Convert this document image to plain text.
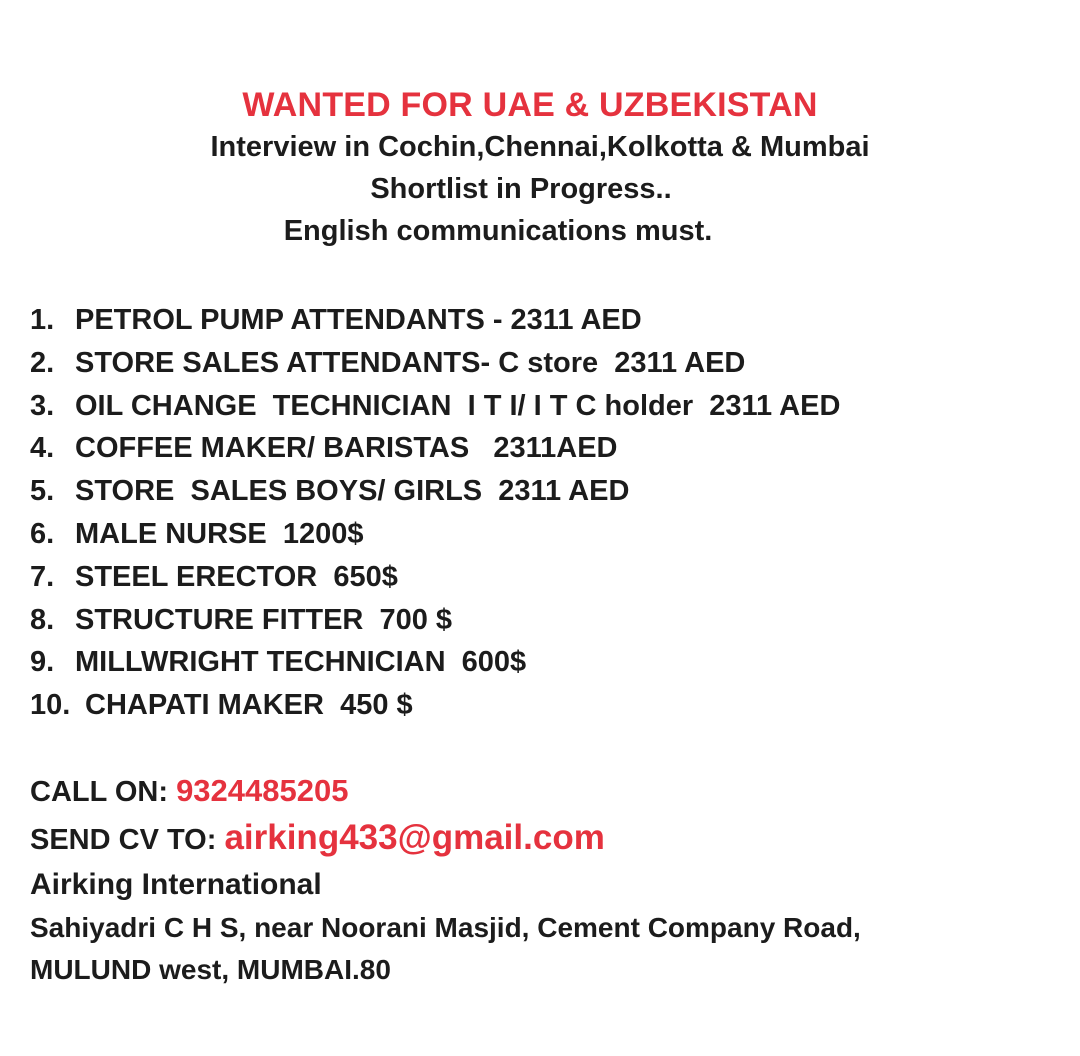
WANTED FOR UAE & UZBEKISTAN
Interview in Cochin,Chennai,Kolkotta & Mumbai
Shortlist in Progress..
English communications must.
1. PETROL PUMP ATTENDANTS - 2311 AED
2. STORE SALES ATTENDANTS- C store  2311 AED
3. OIL CHANGE  TECHNICIAN  I T I/ I T C holder  2311 AED
4. COFFEE MAKER/ BARISTAS   2311AED
5. STORE  SALES BOYS/ GIRLS  2311 AED
6. MALE NURSE  1200$
7. STEEL ERECTOR  650$
8. STRUCTURE FITTER  700 $
9. MILLWRIGHT TECHNICIAN  600$
10. CHAPATI MAKER  450 $
CALL ON: 9324485205
SEND CV TO: airking433@gmail.com
Airking International
Sahiyadri C H S, near Noorani Masjid, Cement Company Road,
MULUND west, MUMBAI.80
